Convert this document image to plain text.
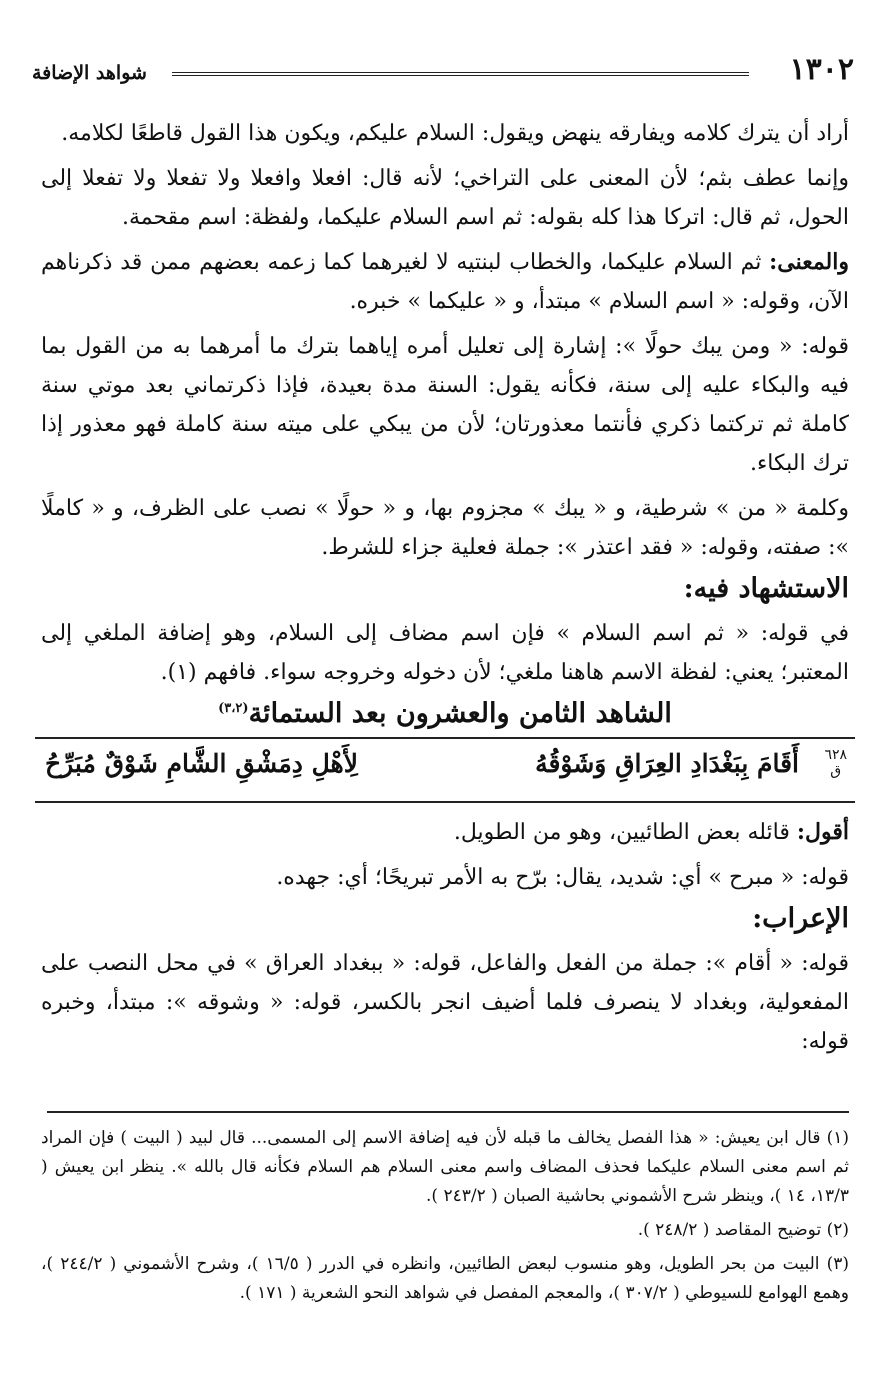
١٣٠٢
شواهد الإضافة

أراد أن يترك كلامه ويفارقه ينهض ويقول: السلام عليكم، ويكون هذا القول قاطعًا لكلامه.

وإنما عطف بثم؛ لأن المعنى على التراخي؛ لأنه قال: افعلا وافعلا ولا تفعلا ولا تفعلا إلى الحول، ثم قال: اتركا هذا كله بقوله: ثم اسم السلام عليكما، ولفظة: اسم مقحمة.

والمعنى: ثم السلام عليكما، والخطاب لبنتيه لا لغيرهما كما زعمه بعضهم ممن قد ذكرناهم الآن، وقوله: « اسم السلام » مبتدأ، و « عليكما » خبره.

قوله: « ومن يبك حولًا »: إشارة إلى تعليل أمره إياهما بترك ما أمرهما به من القول بما فيه والبكاء عليه إلى سنة، فكأنه يقول: السنة مدة بعيدة، فإذا ذكرتماني بعد موتي سنة كاملة ثم تركتما ذكري فأنتما معذورتان؛ لأن من يبكي على ميته سنة كاملة فهو معذور إذا ترك البكاء.

وكلمة « من » شرطية، و « يبك » مجزوم بها، و « حولًا » نصب على الظرف، و « كاملًا »: صفته، وقوله: « فقد اعتذر »: جملة فعلية جزاء للشرط.

الاستشهاد فيه:

في قوله: « ثم اسم السلام » فإن اسم مضاف إلى السلام، وهو إضافة الملغي إلى المعتبر؛ يعني: لفظة الاسم هاهنا ملغي؛ لأن دخوله وخروجه سواء. فافهم (١).

الشاهد الثامن والعشرون بعد الستمائة$^{(٣،٢)}$
٦٢٨
ق
أَقَامَ بِبَغْدَادِ العِرَاقِ وَشَوْقُهُ
لِأَهْلِ دِمَشْقِ الشَّامِ شَوْقٌ مُبَرِّحُ

أقول: قائله بعض الطائيين، وهو من الطويل.

قوله: « مبرح » أي: شديد، يقال: برّح به الأمر تبريحًا؛ أي: جهده.

الإعراب:

قوله: « أقام »: جملة من الفعل والفاعل، قوله: « ببغداد العراق » في محل النصب على المفعولية، وبغداد لا ينصرف فلما أضيف انجر بالكسر، قوله: « وشوقه »: مبتدأ، وخبره قوله:

(١) قال ابن يعيش: « هذا الفصل يخالف ما قبله لأن فيه إضافة الاسم إلى المسمى... قال لبيد ( البيت ) فإن المراد ثم اسم معنى السلام عليكما فحذف المضاف واسم معنى السلام هم السلام فكأنه قال بالله ». ينظر ابن يعيش ( ١٣/٣، ١٤ )، وينظر شرح الأشموني بحاشية الصبان ( ٢٤٣/٢ ).

(٢) توضيح المقاصد ( ٢٤٨/٢ ).

(٣) البيت من بحر الطويل، وهو منسوب لبعض الطائيين، وانظره في الدرر ( ١٦/٥ )، وشرح الأشموني ( ٢٤٤/٢ )، وهمع الهوامع للسيوطي ( ٣٠٧/٢ )، والمعجم المفصل في شواهد النحو الشعرية ( ١٧١ ).
